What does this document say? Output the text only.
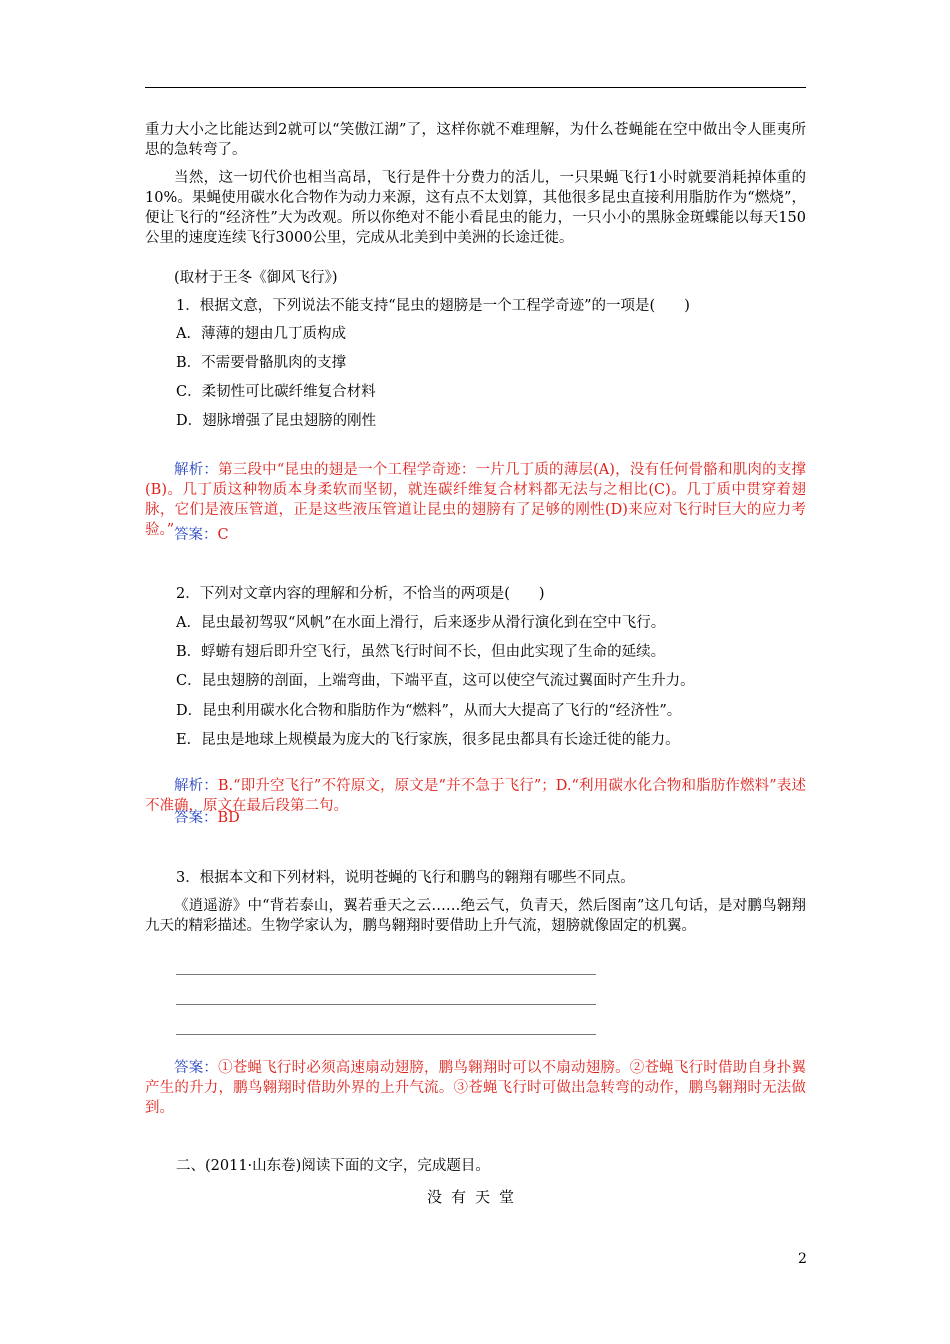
重力大小之比能达到2就可以“笑傲江湖”了，这样你就不难理解，为什么苍蝇能在空中做出令人匪夷所思的急转弯了。

当然，这一切代价也相当高昂，飞行是件十分费力的活儿，一只果蝇飞行1小时就要消耗掉体重的10%。果蝇使用碳水化合物作为动力来源，这有点不太划算，其他很多昆虫直接利用脂肪作为“燃烧”，便让飞行的“经济性”大为改观。所以你绝对不能小看昆虫的能力，一只小小的黑脉金斑蝶能以每天150公里的速度连续飞行3000公里，完成从北美到中美洲的长途迁徙。

(取材于王冬《御风飞行》)

1．根据文意，下列说法不能支持“昆虫的翅膀是一个工程学奇迹”的一项是(　　)
A．薄薄的翅由几丁质构成
B．不需要骨骼肌肉的支撑
C．柔韧性可比碳纤维复合材料
D．翅脉增强了昆虫翅膀的刚性

解析：第三段中“昆虫的翅是一个工程学奇迹：一片几丁质的薄层(A)，没有任何骨骼和肌肉的支撑(B)。几丁质这种物质本身柔软而坚韧，就连碳纤维复合材料都无法与之相比(C)。几丁质中贯穿着翅脉，它们是液压管道，正是这些液压管道让昆虫的翅膀有了足够的刚性(D)来应对飞行时巨大的应力考验。” 答案：C

2．下列对文章内容的理解和分析，不恰当的两项是(　　)
A．昆虫最初驾驭“风帆”在水面上滑行，后来逐步从滑行演化到在空中飞行。
B．蜉蝣有翅后即升空飞行，虽然飞行时间不长，但由此实现了生命的延续。
C．昆虫翅膀的剖面，上端弯曲，下端平直，这可以使空气流过翼面时产生升力。
D．昆虫利用碳水化合物和脂肪作为“燃料”，从而大大提高了飞行的“经济性”。
E．昆虫是地球上规模最为庞大的飞行家族，很多昆虫都具有长途迁徙的能力。

解析：B.“即升空飞行”不符原文，原文是“并不急于飞行”；D.“利用碳水化合物和脂肪作燃料”表述不准确，原文在最后段第二句。

答案：BD

3．根据本文和下列材料，说明苍蝇的飞行和鹏鸟的翱翔有哪些不同点。

《逍遥游》中“背若泰山，翼若垂天之云……绝云气，负青天，然后图南”这几句话，是对鹏鸟翱翔九天的精彩描述。生物学家认为，鹏鸟翱翔时要借助上升气流，翅膀就像固定的机翼。

答案：①苍蝇飞行时必须高速扇动翅膀，鹏鸟翱翔时可以不扇动翅膀。②苍蝇飞行时借助自身扑翼产生的升力，鹏鸟翱翔时借助外界的上升气流。③苍蝇飞行时可做出急转弯的动作，鹏鸟翱翔时无法做到。

二、(2011·山东卷)阅读下面的文字，完成题目。
没有天堂
2
